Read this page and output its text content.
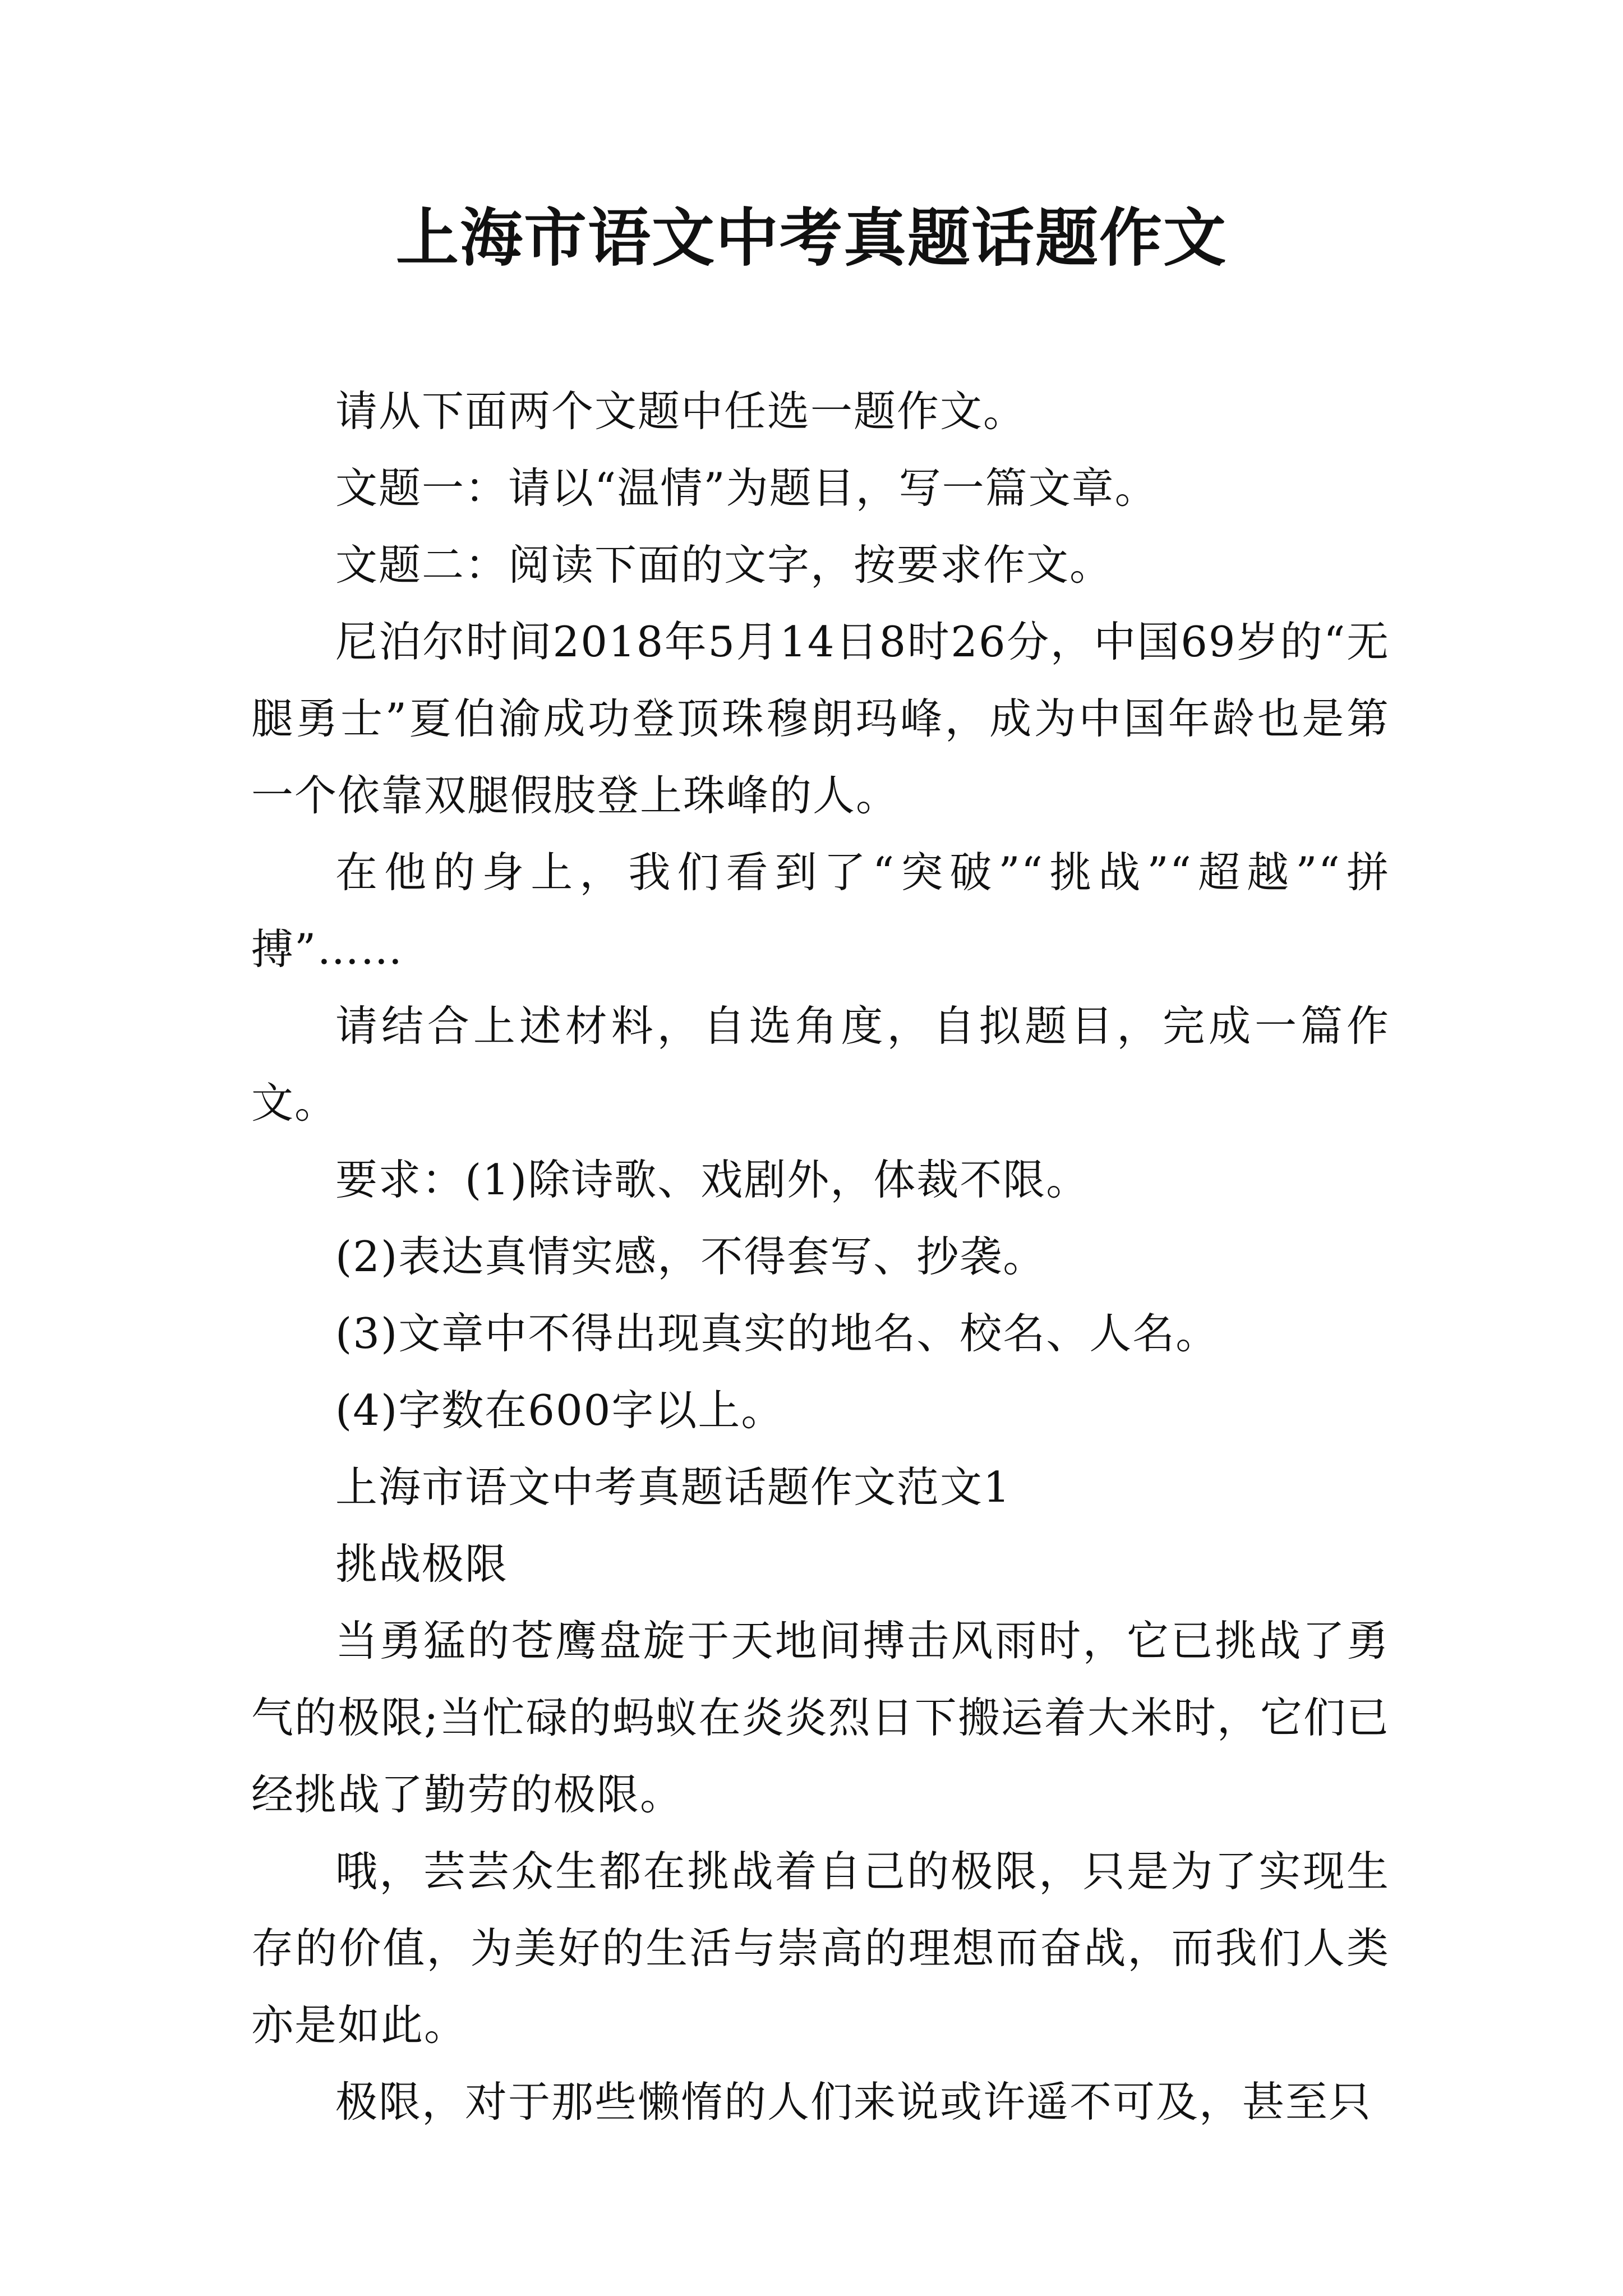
上海市语文中考真题话题作文

请从下面两个文题中任选一题作文。

文题一：请以“温情”为题目，写一篇文章。

文题二：阅读下面的文字，按要求作文。

尼泊尔时间2018年5月14日8时26分，中国69岁的“无腿勇士”夏伯渝成功登顶珠穆朗玛峰，成为中国年龄也是第一个依靠双腿假肢登上珠峰的人。

在他的身上，我们看到了“突破”“挑战”“超越”“拼搏”……

请结合上述材料，自选角度，自拟题目，完成一篇作文。

要求：(1)除诗歌、戏剧外，体裁不限。

(2)表达真情实感，不得套写、抄袭。

(3)文章中不得出现真实的地名、校名、人名。

(4)字数在600字以上。

上海市语文中考真题话题作文范文1

挑战极限

当勇猛的苍鹰盘旋于天地间搏击风雨时，它已挑战了勇气的极限;当忙碌的蚂蚁在炎炎烈日下搬运着大米时，它们已经挑战了勤劳的极限。

哦，芸芸众生都在挑战着自己的极限，只是为了实现生存的价值，为美好的生活与崇高的理想而奋战，而我们人类亦是如此。

极限，对于那些懒惰的人们来说或许遥不可及，甚至只
